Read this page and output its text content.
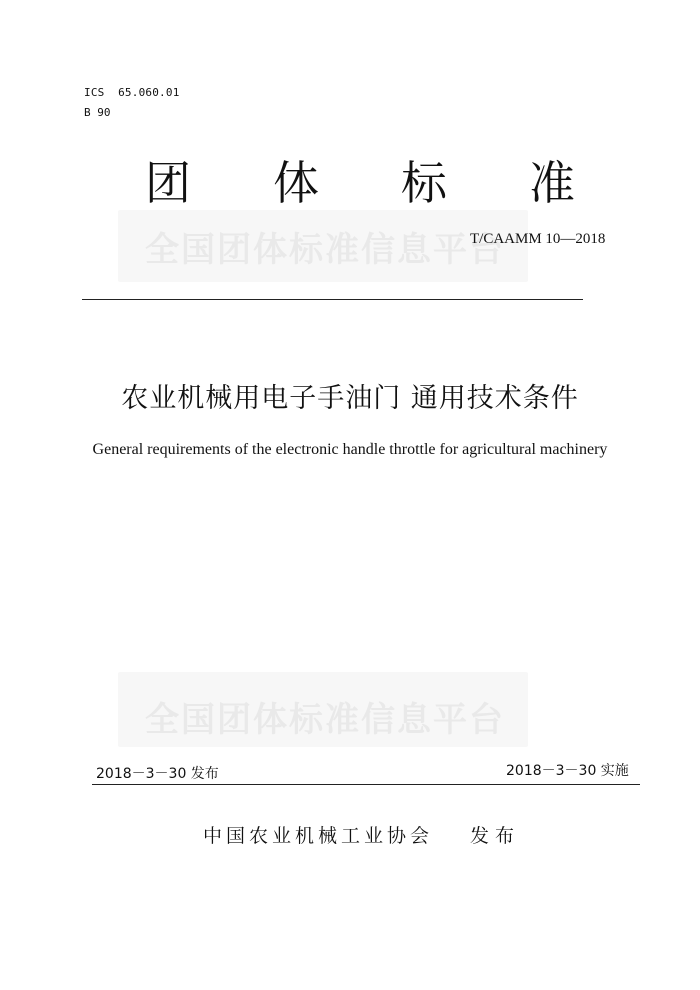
ICS  65.060.01
B 90
全国团体标准信息平台
团 体 标 准
T/CAAMM 10—2018
农业机械用电子手油门 通用技术条件
General requirements of the electronic handle throttle for agricultural machinery
全国团体标准信息平台
2018－3－30 发布	2018－3－30 实施
中国农业机械工业协会 发布
